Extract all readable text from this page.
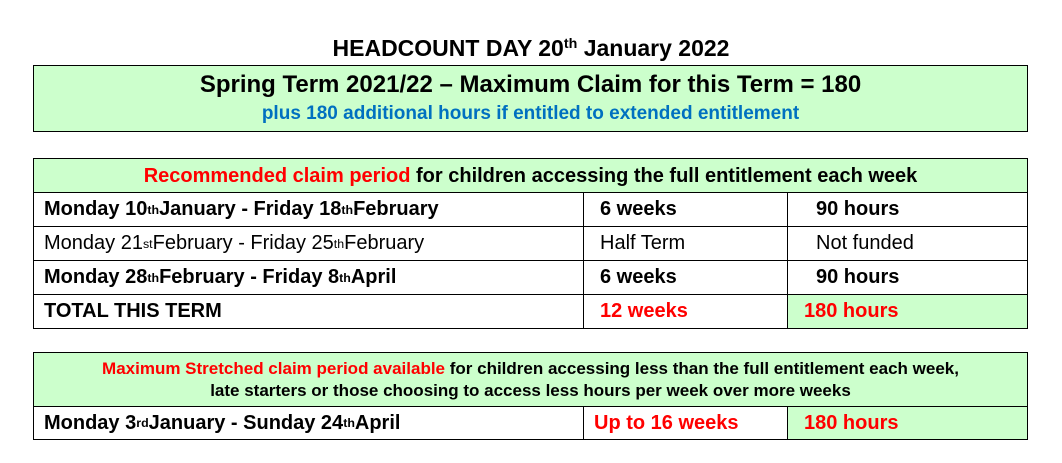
HEADCOUNT DAY 20th January 2022
Spring Term 2021/22 – Maximum Claim for this Term = 180
plus 180 additional hours if entitled to extended entitlement
Recommended claim period for children accessing the full entitlement each week
Monday 10 th January - Friday 18 th February	6 weeks	90 hours
Monday 21 st February - Friday 25 th February	Half Term	Not funded
Monday 28 th February - Friday 8 th April	6 weeks	90 hours
TOTAL THIS TERM	12 weeks	180 hours
Maximum Stretched claim period available for children accessing less than the full entitlement each week,
late starters or those choosing to access less hours per week over more weeks
Monday 3 rd January - Sunday 24 th April	Up to 16 weeks	180 hours
